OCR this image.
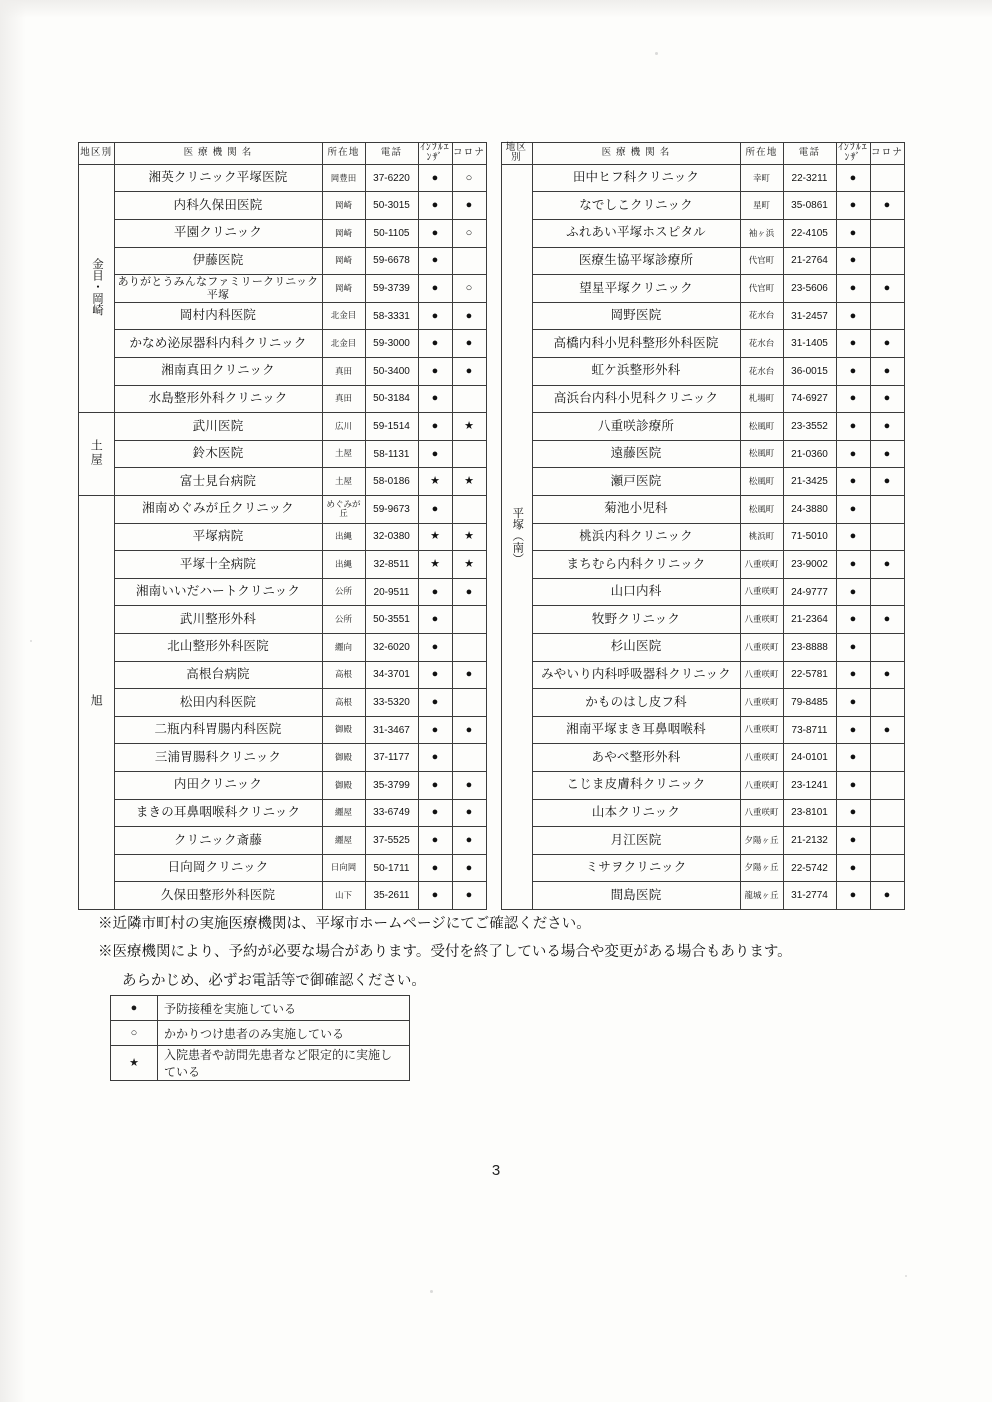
地区別	医 療 機 関 名	所在地	電話	ｲﾝﾌﾙｴﾝｻﾞ	コロナ
金目・岡崎	湘英クリニック平塚医院	岡豊田	37-6220	●	○
	内科久保田医院	岡崎	50-3015	●	●
	平園クリニック	岡崎	50-1105	●	○
	伊藤医院	岡崎	59-6678	●	
	ありがとうみんなファミリークリニック平塚	岡崎	59-3739	●	○
	岡村内科医院	北金目	58-3331	●	●
	かなめ泌尿器科内科クリニック	北金目	59-3000	●	●
	湘南真田クリニック	真田	50-3400	●	●
	水島整形外科クリニック	真田	50-3184	●	
土屋	武川医院	広川	59-1514	●	★
	鈴木医院	土屋	58-1131	●	
	富士見台病院	土屋	58-0186	★	★
旭	湘南めぐみが丘クリニック	めぐみが丘	59-9673	●	
	平塚病院	出縄	32-0380	★	★
	平塚十全病院	出縄	32-8511	★	★
	湘南いいだハートクリニック	公所	20-9511	●	●
	武川整形外科	公所	50-3551	●	
	北山整形外科医院	纒向	32-6020	●	
	高根台病院	高根	34-3701	●	●
	松田内科医院	高根	33-5320	●	
	二瓶内科胃腸内科医院	御殿	31-3467	●	●
	三浦胃腸科クリニック	御殿	37-1177	●	
	内田クリニック	御殿	35-3799	●	●
	まきの耳鼻咽喉科クリニック	纒屋	33-6749	●	●
	クリニック斎藤	纒屋	37-5525	●	●
	日向岡クリニック	日向岡	50-1711	●	●
	久保田整形外科医院	山下	35-2611	●	●
地区別	医 療 機 関 名	所在地	電話	ｲﾝﾌﾙｴﾝｻﾞ	コロナ
平塚（南）	田中ヒフ科クリニック	幸町	22-3211	●	
	なでしこクリニック	星町	35-0861	●	●
	ふれあい平塚ホスピタル	袖ヶ浜	22-4105	●	
	医療生協平塚診療所	代官町	21-2764	●	
	望星平塚クリニック	代官町	23-5606	●	●
	岡野医院	花水台	31-2457	●	
	高橋内科小児科整形外科医院	花水台	31-1405	●	●
	虹ケ浜整形外科	花水台	36-0015	●	●
	高浜台内科小児科クリニック	札場町	74-6927	●	●
	八重咲診療所	松風町	23-3552	●	●
	遠藤医院	松風町	21-0360	●	●
	瀬戸医院	松風町	21-3425	●	●
	菊池小児科	松風町	24-3880	●	
	桃浜内科クリニック	桃浜町	71-5010	●	
	まちむら内科クリニック	八重咲町	23-9002	●	●
	山口内科	八重咲町	24-9777	●	
	牧野クリニック	八重咲町	21-2364	●	●
	杉山医院	八重咲町	23-8888	●	
	みやいり内科呼吸器科クリニック	八重咲町	22-5781	●	●
	かものはし皮フ科	八重咲町	79-8485	●	
	湘南平塚まき耳鼻咽喉科	八重咲町	73-8711	●	●
	あやべ整形外科	八重咲町	24-0101	●	
	こじま皮膚科クリニック	八重咲町	23-1241	●	
	山本クリニック	八重咲町	23-8101	●	
	月江医院	夕陽ヶ丘	21-2132	●	
	ミサヲクリニック	夕陽ヶ丘	22-5742	●	
	間島医院	龍城ヶ丘	31-2774	●	●
※近隣市町村の実施医療機関は、平塚市ホームページにてご確認ください。
※医療機関により、予約が必要な場合があります。受付を終了している場合や変更がある場合もあります。
あらかじめ、必ずお電話等で御確認ください。
●	予防接種を実施している
○	かかりつけ患者のみ実施している
★	入院患者や訪問先患者など限定的に実施している
3
